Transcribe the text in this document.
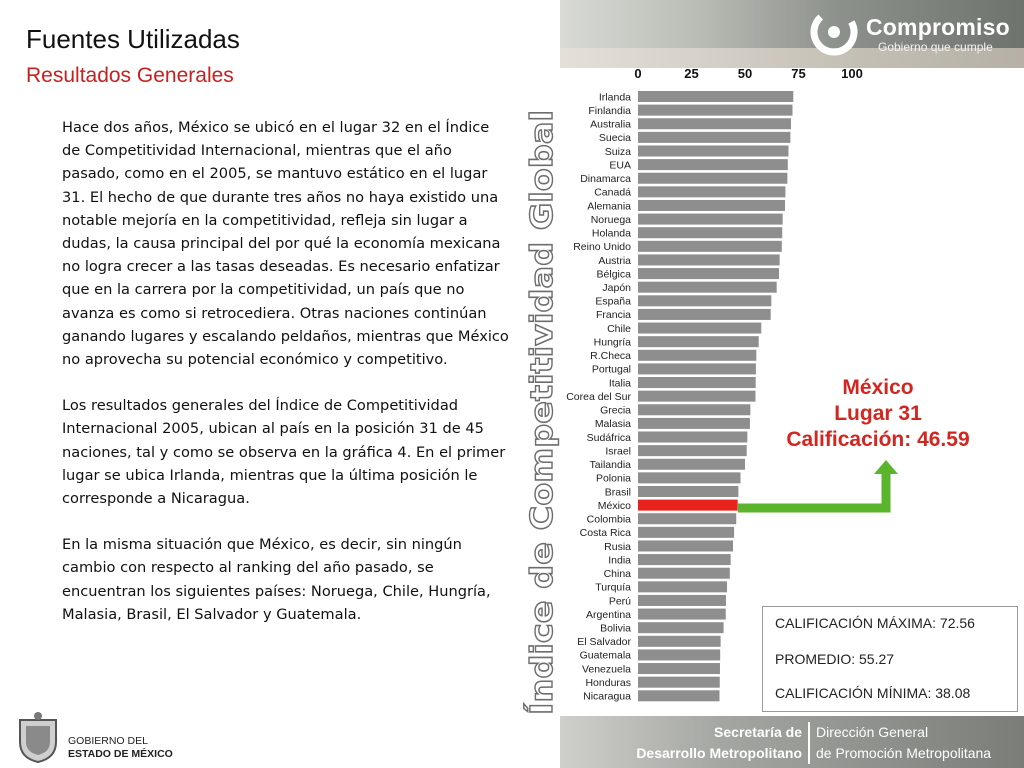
Compromiso
Gobierno que cumple
Fuentes Utilizadas
Resultados Generales

Hace dos años, México se ubicó en el lugar 32 en el Índice de Competitividad Internacional, mientras que el año pasado, como en el 2005, se mantuvo estático en el lugar 31. El hecho de que durante tres años no haya existido una notable mejoría en la competitividad, refleja sin lugar a dudas, la causa principal del por qué la economía mexicana no logra crecer a las tasas deseadas. Es necesario enfatizar que en la carrera por la competitividad, un país que no avanza es como si retrocediera. Otras naciones continúan ganando lugares y escalando peldaños, mientras que México no aprovecha su potencial económico y competitivo.

Los resultados generales del Índice de Competitividad Internacional 2005, ubican al país en la posición 31 de 45 naciones, tal y como se observa en la gráfica 4. En el primer lugar se ubica Irlanda, mientras que la última posición le corresponde a Nicaragua.

En la misma situación que México, es decir, sin ningún cambio con respecto al ranking del año pasado, se encuentran los siguientes países: Noruega, Chile, Hungría, Malasia, Brasil, El Salvador y Guatemala.	Índice de Competitividad Global
0	25	50	75	100
Irlanda
Finlandia
Australia
Suecia
Suiza
EUA
Dinamarca
Canadá
Alemania
Noruega
Holanda
Reino Unido
Austria
Bélgica
Japón
España
Francia
Chile
Hungría
R.Checa
Portugal
Italia
Corea del Sur
Grecia
Malasia
Sudáfrica
Israel
Tailandia
Polonia
Brasil
México
Colombia
Costa Rica
Rusia
India
China
Turquía
Perú
Argentina
Bolivia
El Salvador
Guatemala
Venezuela
Honduras
Nicaragua
México
Lugar 31
Calificación: 46.59
CALIFICACIÓN MÁXIMA: 72.56
PROMEDIO: 55.27
CALIFICACIÓN MÍNIMA: 38.08
Secretaría de
Desarrollo Metropolitano
Dirección General
de Promoción Metropolitana
GOBIERNO DEL
ESTADO DE MÉXICO
